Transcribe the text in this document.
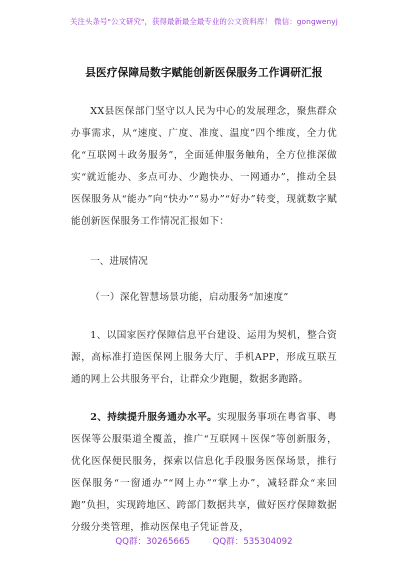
关注头条号"公文研究"，获得最新最全最专业的公文资料库！ 微信：gongwenyj
县医疗保障局数字赋能创新医保服务工作调研汇报

XX县医保部门坚守以人民为中心的发展理念，聚焦群众办事需求，从“速度、广度、准度、温度”四个维度，全力优化“互联网＋政务服务”，全面延伸服务触角，全方位推深做实“就近能办、多点可办、少跑快办、一网通办”，推动全县医保服务从“能办”向“快办”“易办”“好办”转变，现就数字赋能创新医保服务工作情况汇报如下：

一、进展情况
（一）深化智慧场景功能，启动服务“加速度”

1、以国家医疗保障信息平台建设、运用为契机，整合资源，高标准打造医保网上服务大厅、手机APP，形成互联互通的网上公共服务平台，让群众少跑腿，数据多跑路。

2、持续提升服务通办水平。实现服务事项在粤省事、粤医保等公服渠道全覆盖，推广“互联网＋医保”等创新服务，优化医保便民服务，探索以信息化手段服务医保场景，推行医保服务“一窗通办”“网上办”“掌上办”，减轻群众“来回跑”负担，实现跨地区、跨部门数据共享，做好医疗保障数据分级分类管理，推动医保电子凭证普及，

QQ群：30265665	QQ群：535304092
